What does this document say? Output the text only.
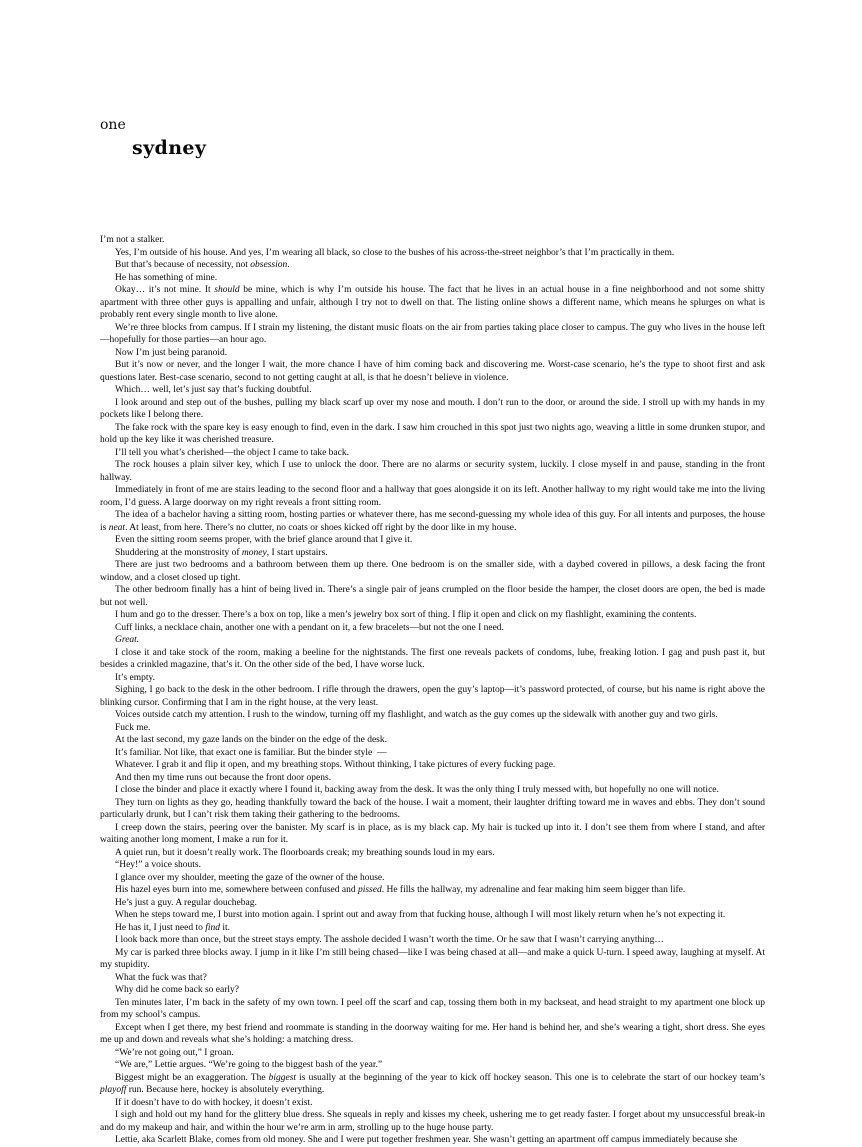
one
sydney

I’m not a stalker.

Yes, I’m outside of his house. And yes, I’m wearing all black, so close to the bushes of his across-the-street neighbor’s that I’m practically in them.

But that’s because of necessity, not obsession.

He has something of mine.

Okay… it’s not mine. It should be mine, which is why I’m outside his house. The fact that he lives in an actual house in a fine neighborhood and not some shitty apartment with three other guys is appalling and unfair, although I try not to dwell on that. The listing online shows a different name, which means he splurges on what is probably rent every single month to live alone.

We’re three blocks from campus. If I strain my listening, the distant music floats on the air from parties taking place closer to campus. The guy who lives in the house left—hopefully for those parties—an hour ago.

Now I’m just being paranoid.

But it’s now or never, and the longer I wait, the more chance I have of him coming back and discovering me. Worst-case scenario, he’s the type to shoot first and ask questions later. Best-case scenario, second to not getting caught at all, is that he doesn’t believe in violence.

Which… well, let’s just say that’s fucking doubtful.

I look around and step out of the bushes, pulling my black scarf up over my nose and mouth. I don’t run to the door, or around the side. I stroll up with my hands in my pockets like I belong there.

The fake rock with the spare key is easy enough to find, even in the dark. I saw him crouched in this spot just two nights ago, weaving a little in some drunken stupor, and hold up the key like it was cherished treasure.

I’ll tell you what’s cherished—the object I came to take back.

The rock houses a plain silver key, which I use to unlock the door. There are no alarms or security system, luckily. I close myself in and pause, standing in the front hallway.

Immediately in front of me are stairs leading to the second floor and a hallway that goes alongside it on its left. Another hallway to my right would take me into the living room, I’d guess. A large doorway on my right reveals a front sitting room.

The idea of a bachelor having a sitting room, hosting parties or whatever there, has me second-guessing my whole idea of this guy. For all intents and purposes, the house is neat. At least, from here. There’s no clutter, no coats or shoes kicked off right by the door like in my house.

Even the sitting room seems proper, with the brief glance around that I give it.

Shuddering at the monstrosity of money, I start upstairs.

There are just two bedrooms and a bathroom between them up there. One bedroom is on the smaller side, with a daybed covered in pillows, a desk facing the front window, and a closet closed up tight.

The other bedroom finally has a hint of being lived in. There’s a single pair of jeans crumpled on the floor beside the hamper, the closet doors are open, the bed is made but not well.

I hum and go to the dresser. There’s a box on top, like a men’s jewelry box sort of thing. I flip it open and click on my flashlight, examining the contents.

Cuff links, a necklace chain, another one with a pendant on it, a few bracelets—but not the one I need.

Great.

I close it and take stock of the room, making a beeline for the nightstands. The first one reveals packets of condoms, lube, freaking lotion. I gag and push past it, but besides a crinkled magazine, that’s it. On the other side of the bed, I have worse luck.

It’s empty.

Sighing, I go back to the desk in the other bedroom. I rifle through the drawers, open the guy’s laptop—it’s password protected, of course, but his name is right above the blinking cursor. Confirming that I am in the right house, at the very least.

Voices outside catch my attention. I rush to the window, turning off my flashlight, and watch as the guy comes up the sidewalk with another guy and two girls.

Fuck me.

At the last second, my gaze lands on the binder on the edge of the desk.

It’s familiar. Not like, that exact one is familiar. But the binder style  —

Whatever. I grab it and flip it open, and my breathing stops. Without thinking, I take pictures of every fucking page.

And then my time runs out because the front door opens.

I close the binder and place it exactly where I found it, backing away from the desk. It was the only thing I truly messed with, but hopefully no one will notice.

They turn on lights as they go, heading thankfully toward the back of the house. I wait a moment, their laughter drifting toward me in waves and ebbs. They don’t sound particularly drunk, but I can’t risk them taking their gathering to the bedrooms.

I creep down the stairs, peering over the banister. My scarf is in place, as is my black cap. My hair is tucked up into it. I don’t see them from where I stand, and after waiting another long moment, I make a run for it.

A quiet run, but it doesn’t really work. The floorboards creak; my breathing sounds loud in my ears.

“Hey!” a voice shouts.

I glance over my shoulder, meeting the gaze of the owner of the house.

His hazel eyes burn into me, somewhere between confused and pissed. He fills the hallway, my adrenaline and fear making him seem bigger than life.

He’s just a guy. A regular douchebag.

When he steps toward me, I burst into motion again. I sprint out and away from that fucking house, although I will most likely return when he’s not expecting it.

He has it, I just need to find it.

I look back more than once, but the street stays empty. The asshole decided I wasn’t worth the time. Or he saw that I wasn’t carrying anything…

My car is parked three blocks away. I jump in it like I’m still being chased—like I was being chased at all—and make a quick U-turn. I speed away, laughing at myself. At my stupidity.

What the fuck was that?

Why did he come back so early?

Ten minutes later, I’m back in the safety of my own town. I peel off the scarf and cap, tossing them both in my backseat, and head straight to my apartment one block up from my school’s campus.

Except when I get there, my best friend and roommate is standing in the doorway waiting for me. Her hand is behind her, and she’s wearing a tight, short dress. She eyes me up and down and reveals what she’s holding: a matching dress.

“We’re not going out,” I groan.

“We are,” Lettie argues. “We’re going to the biggest bash of the year.”

Biggest might be an exaggeration. The biggest is usually at the beginning of the year to kick off hockey season. This one is to celebrate the start of our hockey team’s playoff run. Because here, hockey is absolutely everything.

If it doesn’t have to do with hockey, it doesn’t exist.

I sigh and hold out my hand for the glittery blue dress. She squeals in reply and kisses my cheek, ushering me to get ready faster. I forget about my unsuccessful break-in and do my makeup and hair, and within the hour we’re arm in arm, strolling up to the huge house party.

Lettie, aka Scarlett Blake, comes from old money. She and I were put together freshmen year. She wasn’t getting an apartment off campus immediately because she
